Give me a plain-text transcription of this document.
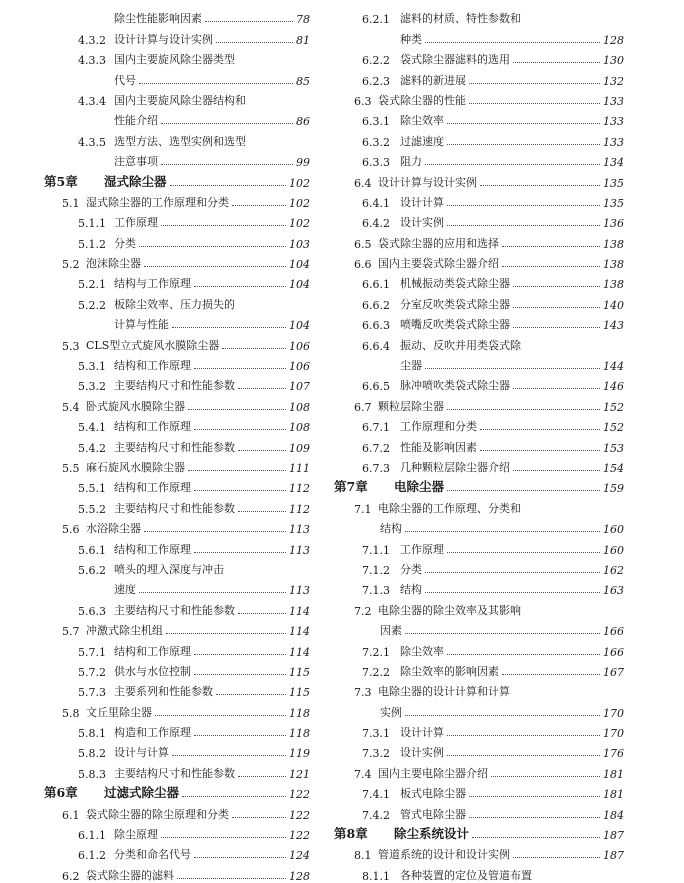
除尘性能影响因素	78
4.3.2 设计计算与设计实例	81
4.3.3 国内主要旋风除尘器类型
代号	85
4.3.4 国内主要旋风除尘器结构和
性能介绍	86
4.3.5 选型方法、选型实例和选型
注意事项	99
第5章	湿式除尘器	102
5.1 湿式除尘器的工作原理和分类	102
5.1.1 工作原理	102
5.1.2 分类	103
5.2 泡沫除尘器	104
5.2.1 结构与工作原理	104
5.2.2 板除尘效率、压力损失的
计算与性能	104
5.3 CLS型立式旋风水膜除尘器	106
5.3.1 结构和工作原理	106
5.3.2 主要结构尺寸和性能参数	107
5.4 卧式旋风水膜除尘器	108
5.4.1 结构和工作原理	108
5.4.2 主要结构尺寸和性能参数	109
5.5 麻石旋风水膜除尘器	111
5.5.1 结构和工作原理	112
5.5.2 主要结构尺寸和性能参数	112
5.6 水浴除尘器	113
5.6.1 结构和工作原理	113
5.6.2 喷头的埋入深度与冲击
速度	113
5.6.3 主要结构尺寸和性能参数	114
5.7 冲激式除尘机组	114
5.7.1 结构和工作原理	114
5.7.2 供水与水位控制	115
5.7.3 主要系列和性能参数	115
5.8 文丘里除尘器	118
5.8.1 构造和工作原理	118
5.8.2 设计与计算	119
5.8.3 主要结构尺寸和性能参数	121
第6章	过滤式除尘器	122
6.1 袋式除尘器的除尘原理和分类	122
6.1.1 除尘原理	122
6.1.2 分类和命名代号	124
6.2 袋式除尘器的滤料	128
6.2.1 滤料的材质、特性参数和
种类	128
6.2.2 袋式除尘器滤料的选用	130
6.2.3 滤料的新进展	132
6.3 袋式除尘器的性能	133
6.3.1 除尘效率	133
6.3.2 过滤速度	133
6.3.3 阻力	134
6.4 设计计算与设计实例	135
6.4.1 设计计算	135
6.4.2 设计实例	136
6.5 袋式除尘器的应用和选择	138
6.6 国内主要袋式除尘器介绍	138
6.6.1 机械振动类袋式除尘器	138
6.6.2 分室反吹类袋式除尘器	140
6.6.3 喷嘴反吹类袋式除尘器	143
6.6.4 振动、反吹并用类袋式除
尘器	144
6.6.5 脉冲喷吹类袋式除尘器	146
6.7 颗粒层除尘器	152
6.7.1 工作原理和分类	152
6.7.2 性能及影响因素	153
6.7.3 几种颗粒层除尘器介绍	154
第7章	电除尘器	159
7.1 电除尘器的工作原理、分类和
结构	160
7.1.1 工作原理	160
7.1.2 分类	162
7.1.3 结构	163
7.2 电除尘器的除尘效率及其影响
因素	166
7.2.1 除尘效率	166
7.2.2 除尘效率的影响因素	167
7.3 电除尘器的设计计算和计算
实例	170
7.3.1 设计计算	170
7.3.2 设计实例	176
7.4 国内主要电除尘器介绍	181
7.4.1 板式电除尘器	181
7.4.2 管式电除尘器	184
第8章	除尘系统设计	187
8.1 管道系统的设计和设计实例	187
8.1.1 各种装置的定位及管道布置
